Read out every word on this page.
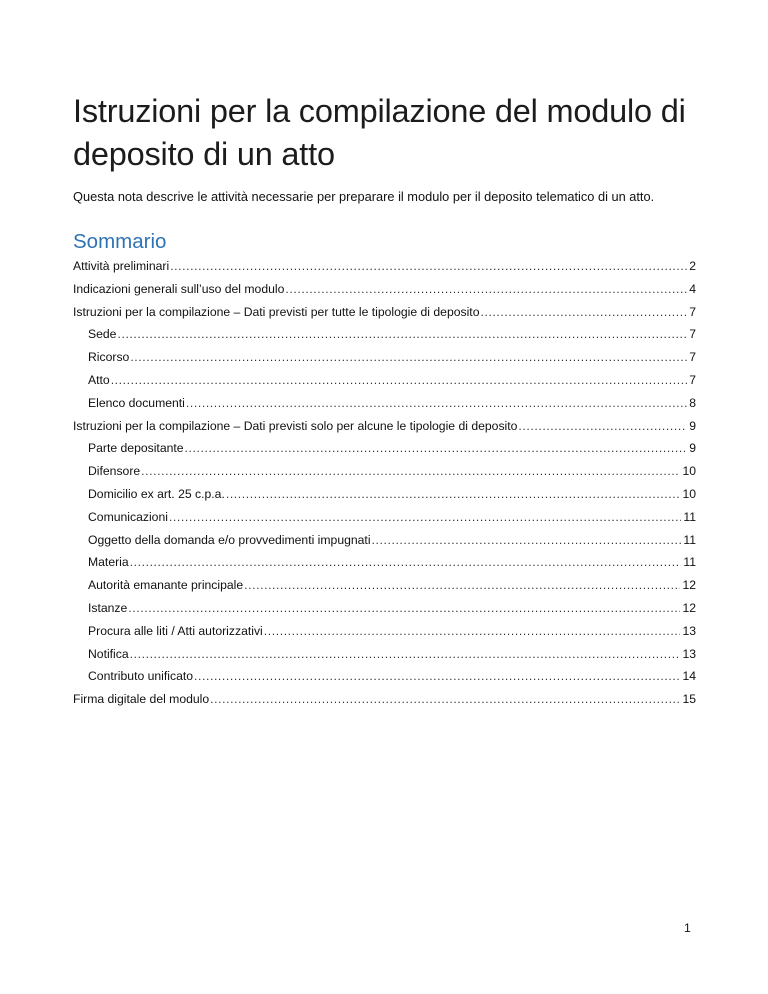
Istruzioni per la compilazione del modulo di deposito di un atto

Questa nota descrive le attività necessarie per preparare il modulo per il deposito telematico di un atto.

Sommario
Attività preliminari .....	2
Indicazioni generali sull’uso del modulo .....	4
Istruzioni per la compilazione – Dati previsti per tutte le tipologie di deposito .....	7
Sede .....	7
Ricorso .....	7
Atto .....	7
Elenco documenti .....	8
Istruzioni per la compilazione – Dati previsti solo per alcune le tipologie di deposito .....	9
Parte depositante .....	9
Difensore .....	10
Domicilio ex art. 25 c.p.a. .....	10
Comunicazioni .....	11
Oggetto della domanda e/o provvedimenti impugnati .....	11
Materia .....	11
Autorità emanante principale .....	12
Istanze .....	12
Procura alle liti / Atti autorizzativi .....	13
Notifica .....	13
Contributo unificato .....	14
Firma digitale del modulo .....	15
1
